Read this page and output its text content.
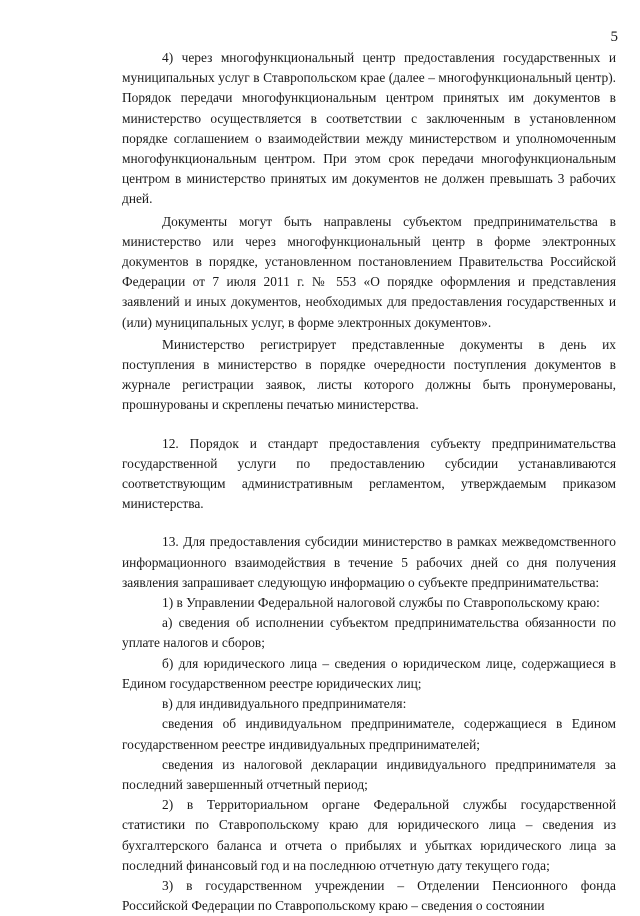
5

4) через многофункциональный центр предоставления государственных и муниципальных услуг в Ставропольском крае (далее – многофункциональный центр). Порядок передачи многофункциональным центром принятых им документов в министерство осуществляется в соответствии с заключенным в установленном порядке соглашением о взаимодействии между министерством и уполномоченным многофункциональным центром. При этом срок передачи многофункциональным центром в министерство принятых им документов не должен превышать 3 рабочих дней.

Документы могут быть направлены субъектом предпринимательства в министерство или через многофункциональный центр в форме электронных документов в порядке, установленном постановлением Правительства Российской Федерации от 7 июля 2011 г. № 553 «О порядке оформления и представления заявлений и иных документов, необходимых для предоставления государственных и (или) муниципальных услуг, в форме электронных документов».

Министерство регистрирует представленные документы в день их поступления в министерство в порядке очередности поступления документов в журнале регистрации заявок, листы которого должны быть пронумерованы, прошнурованы и скреплены печатью министерства.

12. Порядок и стандарт предоставления субъекту предпринимательства государственной услуги по предоставлению субсидии устанавливаются соответствующим административным регламентом, утверждаемым приказом министерства.

13. Для предоставления субсидии министерство в рамках межведомственного информационного взаимодействия в течение 5 рабочих дней со дня получения заявления запрашивает следующую информацию о субъекте предпринимательства:

1) в Управлении Федеральной налоговой службы по Ставропольскому краю:

а) сведения об исполнении субъектом предпринимательства обязанности по уплате налогов и сборов;

б) для юридического лица – сведения о юридическом лице, содержащиеся в Едином государственном реестре юридических лиц;

в) для индивидуального предпринимателя:

сведения об индивидуальном предпринимателе, содержащиеся в Едином государственном реестре индивидуальных предпринимателей;

сведения из налоговой декларации индивидуального предпринимателя за последний завершенный отчетный период;

2) в Территориальном органе Федеральной службы государственной статистики по Ставропольскому краю для юридического лица – сведения из бухгалтерского баланса и отчета о прибылях и убытках юридического лица за последний финансовый год и на последнюю отчетную дату текущего года;

3) в государственном учреждении – Отделении Пенсионного фонда Российской Федерации по Ставропольскому краю – сведения о состоянии
